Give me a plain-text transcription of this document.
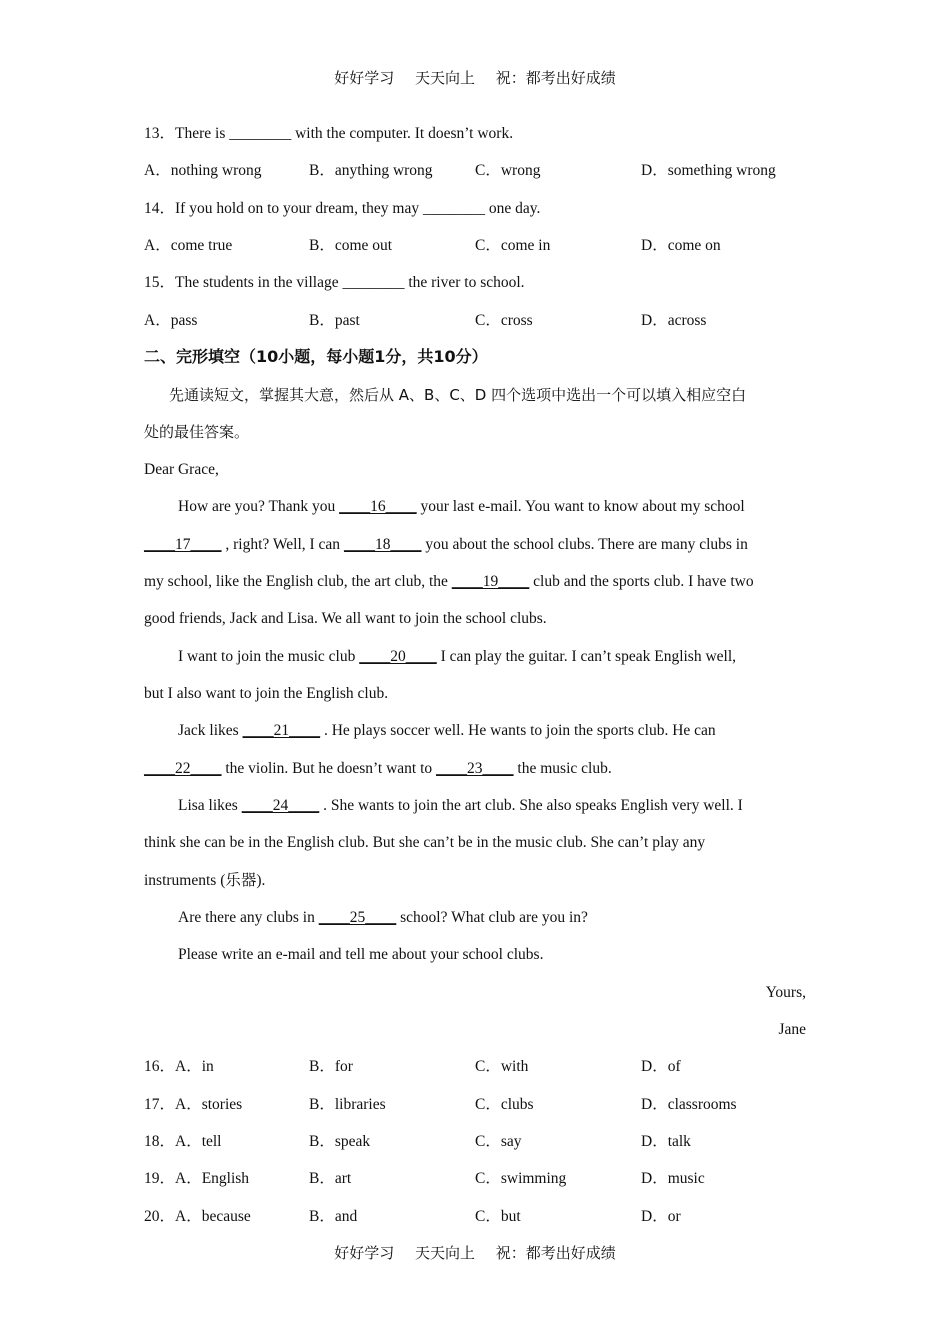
好好学习 天天向上 祝：都考出好成绩
13．There is ________ with the computer. It doesn’t work.
A．nothing wrong	B．anything wrong	C．wrong	D．something wrong
14．If you hold on to your dream, they may ________ one day.
A．come true	B．come out	C．come in	D．come on
15．The students in the village ________ the river to school.
A．pass	B．past	C．cross	D．across
二、完形填空（10小题，每小题1分，共10分）
先通读短文，掌握其大意，然后从 A、B、C、D 四个选项中选出一个可以填入相应空白
处的最佳答案。
Dear Grace,
How are you? Thank you ____16____ your last e-mail. You want to know about my school
____17____ , right? Well, I can ____18____ you about the school clubs. There are many clubs in
my school, like the English club, the art club, the ____19____ club and the sports club. I have two
good friends, Jack and Lisa. We all want to join the school clubs.
I want to join the music club ____20____ I can play the guitar. I can’t speak English well,
but I also want to join the English club.
Jack likes ____21____ . He plays soccer well. He wants to join the sports club. He can
____22____ the violin. But he doesn’t want to ____23____ the music club.
Lisa likes ____24____ . She wants to join the art club. She also speaks English very well. I
think she can be in the English club. But she can’t be in the music club. She can’t play any
instruments (乐器).
Are there any clubs in ____25____ school? What club are you in?
Please write an e-mail and tell me about your school clubs.
Yours,
Jane
16．A．in	B．for	C．with	D．of
17．A．stories	B．libraries	C．clubs	D．classrooms
18．A．tell	B．speak	C．say	D．talk
19．A．English	B．art	C．swimming	D．music
20．A．because	B．and	C．but	D．or
好好学习 天天向上 祝：都考出好成绩
